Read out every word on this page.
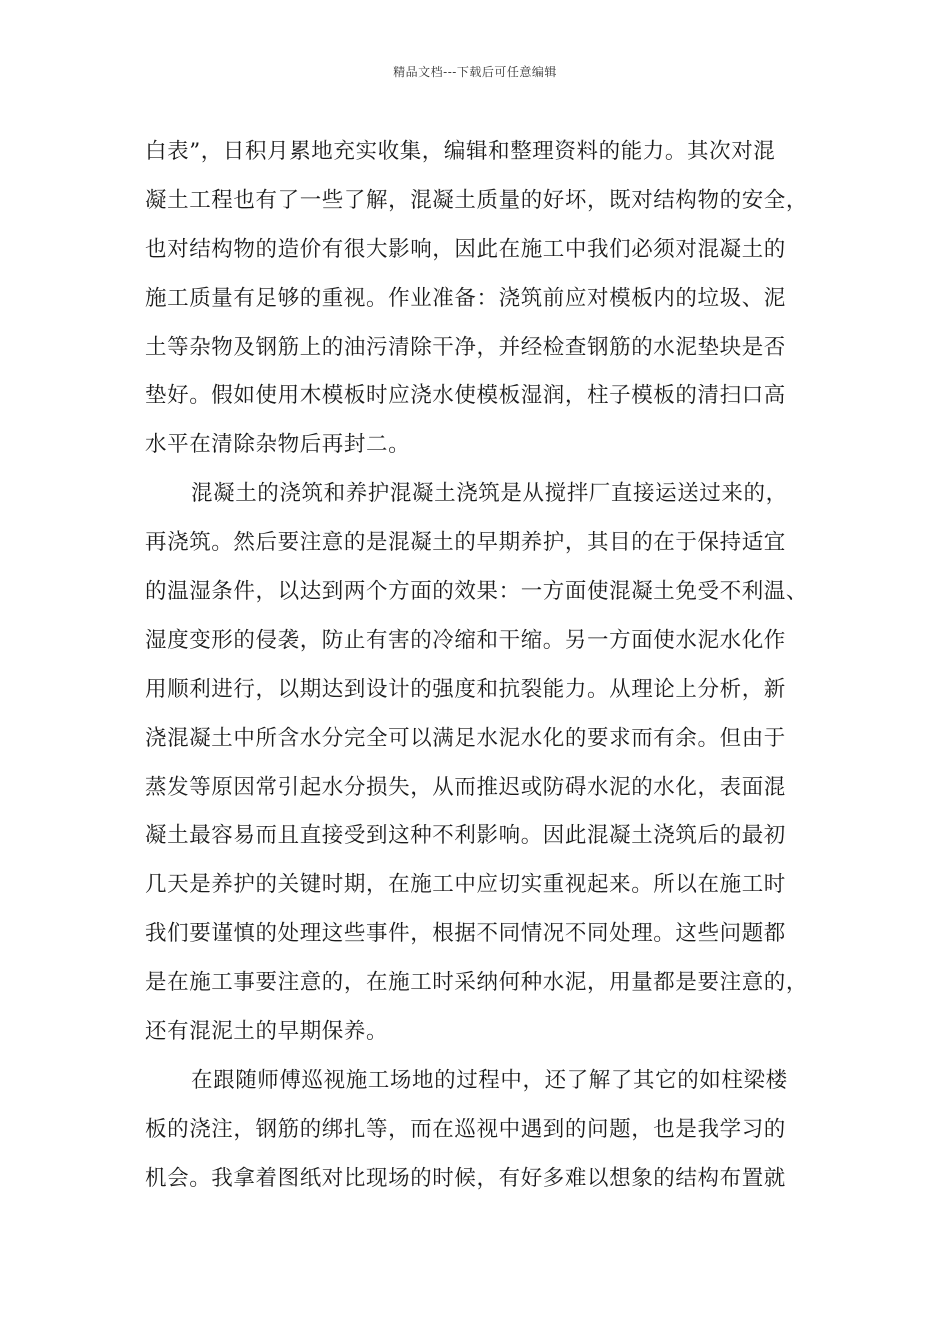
精品文档---下载后可任意编辑
白表”，日积月累地充实收集，编辑和整理资料的能力。其次对混
凝土工程也有了一些了解，混凝土质量的好坏，既对结构物的安全，
也对结构物的造价有很大影响，因此在施工中我们必须对混凝土的
施工质量有足够的重视。作业准备：浇筑前应对模板内的垃圾、泥
土等杂物及钢筋上的油污清除干净，并经检查钢筋的水泥垫块是否
垫好。假如使用木模板时应浇水使模板湿润，柱子模板的清扫口高
水平在清除杂物后再封二。
混凝土的浇筑和养护混凝土浇筑是从搅拌厂直接运送过来的，
再浇筑。然后要注意的是混凝土的早期养护，其目的在于保持适宜
的温湿条件，以达到两个方面的效果：一方面使混凝土免受不利温、
湿度变形的侵袭，防止有害的冷缩和干缩。另一方面使水泥水化作
用顺利进行，以期达到设计的强度和抗裂能力。从理论上分析，新
浇混凝土中所含水分完全可以满足水泥水化的要求而有余。但由于
蒸发等原因常引起水分损失，从而推迟或防碍水泥的水化，表面混
凝土最容易而且直接受到这种不利影响。因此混凝土浇筑后的最初
几天是养护的关键时期，在施工中应切实重视起来。所以在施工时
我们要谨慎的处理这些事件，根据不同情况不同处理。这些问题都
是在施工事要注意的，在施工时采纳何种水泥，用量都是要注意的，
还有混泥土的早期保养。
在跟随师傅巡视施工场地的过程中，还了解了其它的如柱梁楼
板的浇注，钢筋的绑扎等，而在巡视中遇到的问题，也是我学习的
机会。我拿着图纸对比现场的时候，有好多难以想象的结构布置就
